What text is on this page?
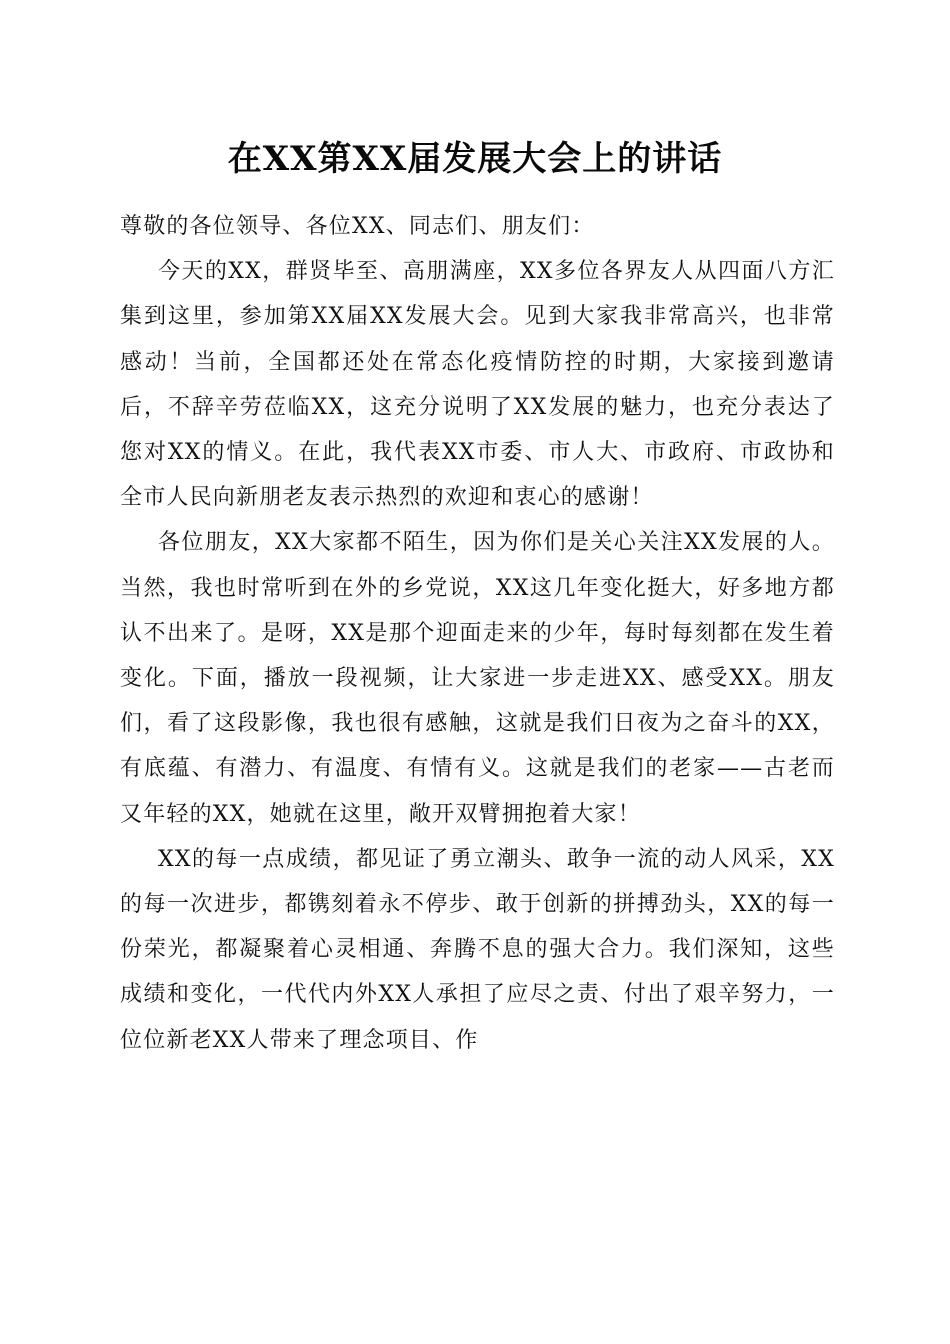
在XX第XX届发展大会上的讲话

尊敬的各位领导、各位XX、同志们、朋友们：

今天的XX，群贤毕至、高朋满座，XX多位各界友人从四面八方汇集到这里，参加第XX届XX发展大会。见到大家我非常高兴，也非常感动！当前，全国都还处在常态化疫情防控的时期，大家接到邀请后，不辞辛劳莅临XX，这充分说明了XX发展的魅力，也充分表达了您对XX的情义。在此，我代表XX市委、市人大、市政府、市政协和全市人民向新朋老友表示热烈的欢迎和衷心的感谢！

各位朋友，XX大家都不陌生，因为你们是关心关注XX发展的人。当然，我也时常听到在外的乡党说，XX这几年变化挺大，好多地方都认不出来了。是呀，XX是那个迎面走来的少年，每时每刻都在发生着变化。下面，播放一段视频，让大家进一步走进XX、感受XX。朋友们，看了这段影像，我也很有感触，这就是我们日夜为之奋斗的XX，有底蕴、有潜力、有温度、有情有义。这就是我们的老家——古老而又年轻的XX，她就在这里，敞开双臂拥抱着大家！

XX的每一点成绩，都见证了勇立潮头、敢争一流的动人风采，XX的每一次进步，都镌刻着永不停步、敢于创新的拼搏劲头，XX的每一份荣光，都凝聚着心灵相通、奔腾不息的强大合力。我们深知，这些成绩和变化，一代代内外XX人承担了应尽之责、付出了艰辛努力，一位位新老XX人带来了理念项目、作
